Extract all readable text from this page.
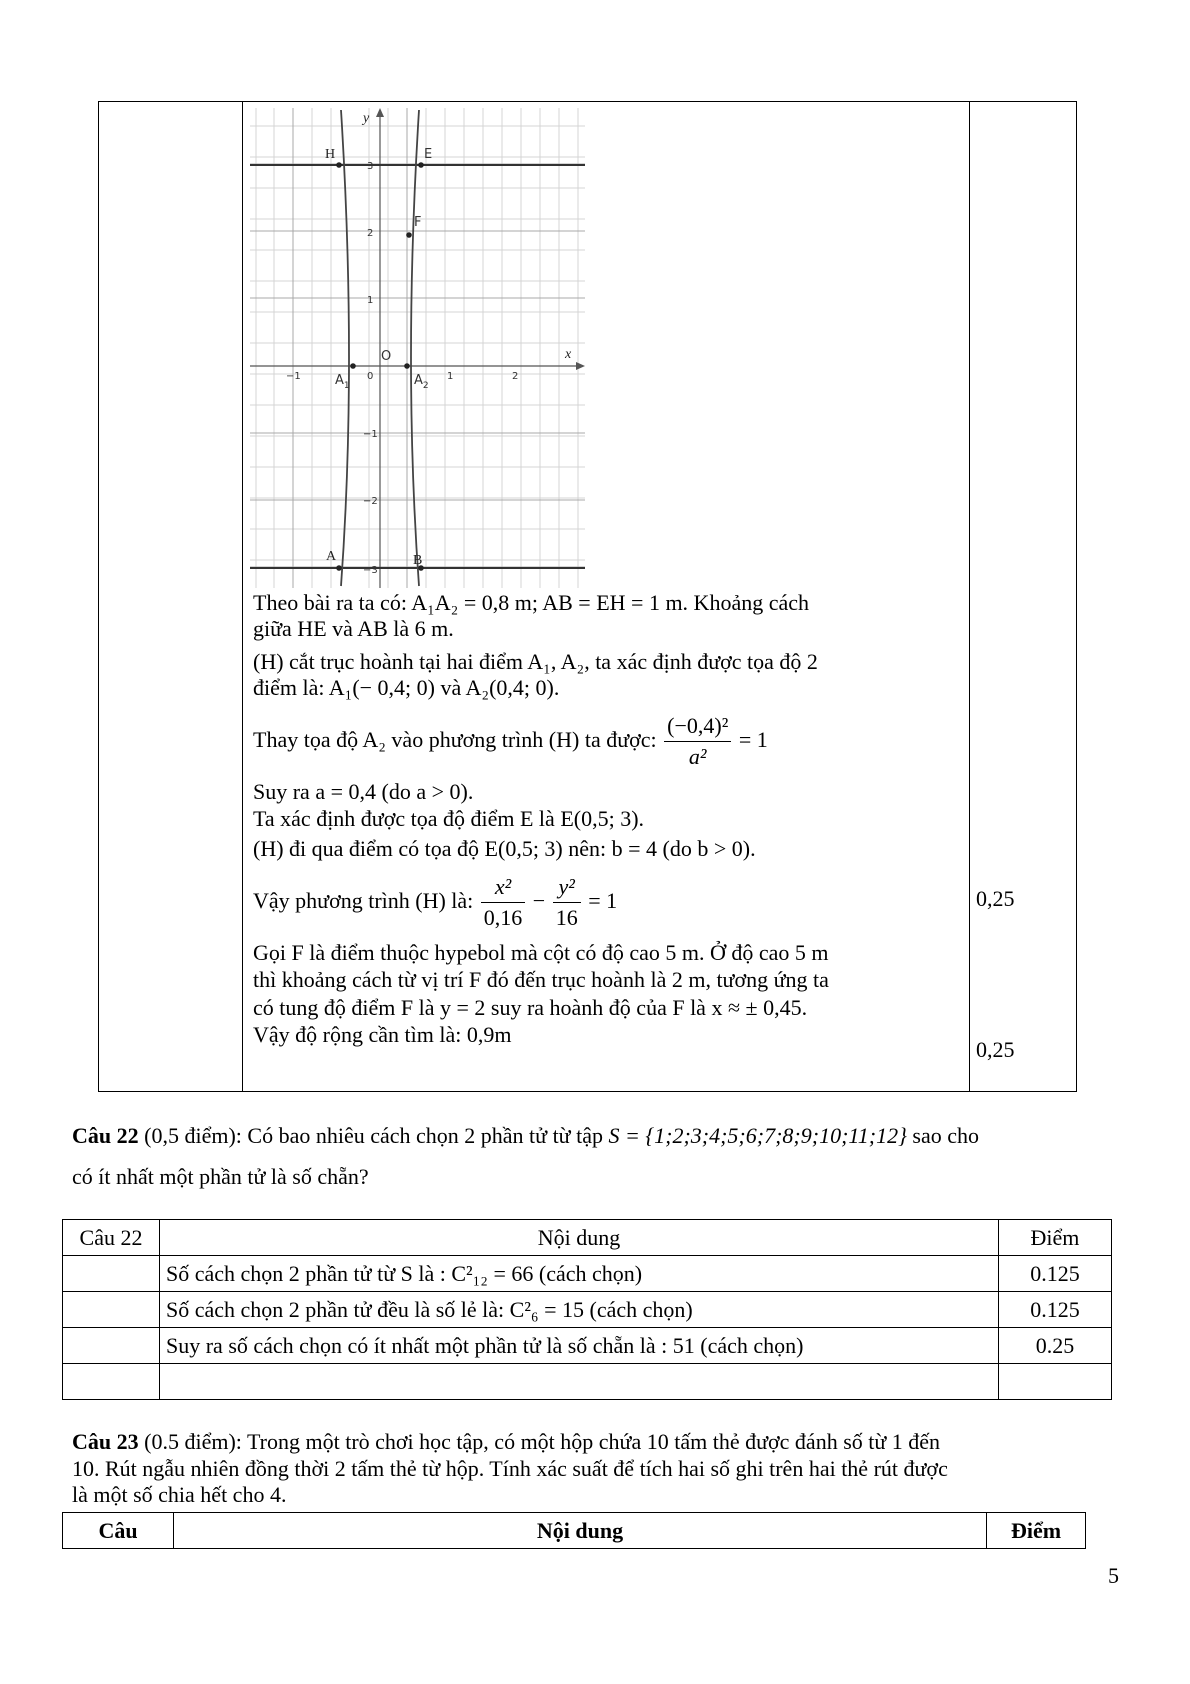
3
2
1
−1
−2
−3
−1	0	1	2
y
x
H
A	B
E
F
O
$A_1$	$A_2$
Theo bài ra ta có: A₁A₂ = 0,8 m; AB = EH = 1 m. Khoảng cách
giữa HE và AB là 6 m.
(H) cắt trục hoành tại hai điểm A₁, A₂, ta xác định được tọa độ 2
điểm là: A₁(− 0,4; 0) và A₂(0,4; 0).
Thay tọa độ A₂ vào phương trình (H) ta được: $\frac{\text{(−0,4)²}}{\text{a²}} = 1$
Suy ra a = 0,4 (do a > 0).
Ta xác định được tọa độ điểm E là E(0,5; 3).
(H) đi qua điểm có tọa độ E(0,5; 3) nên: b = 4 (do b > 0).
Vậy phương trình (H) là: $\frac{\text{x²}}{0,16} - \frac{\text{y²}}{16} = 1$	0,25
Gọi F là điểm thuộc hypebol mà cột có độ cao 5 m. Ở độ cao 5 m
thì khoảng cách từ vị trí F đó đến trục hoành là 2 m, tương ứng ta
có tung độ điểm F là y = 2 suy ra hoành độ của F là x ≈ ± 0,45.
Vậy độ rộng cần tìm là: 0,9m
0,25
Câu 22 (0,5 điểm): Có bao nhiêu cách chọn 2 phần tử từ tập S = {1;2;3;4;5;6;7;8;9;10;11;12} sao cho
có ít nhất một phần tử là số chẵn?
Câu 22	Nội dung	Điểm
	Số cách chọn 2 phần tử từ S là : C²₁₂ = 66 (cách chọn)	0.125
	Số cách chọn 2 phần tử đều là số lẻ là: C²₆ = 15 (cách chọn)	0.125
	Suy ra số cách chọn có ít nhất một phần tử là số chẵn là : 51 (cách chọn)	0.25

Câu 23 (0.5 điểm): Trong một trò chơi học tập, có một hộp chứa 10 tấm thẻ được đánh số từ 1 đến
10. Rút ngẫu nhiên đồng thời 2 tấm thẻ từ hộp. Tính xác suất để tích hai số ghi trên hai thẻ rút được
là một số chia hết cho 4.
Câu	Nội dung	Điểm
5
